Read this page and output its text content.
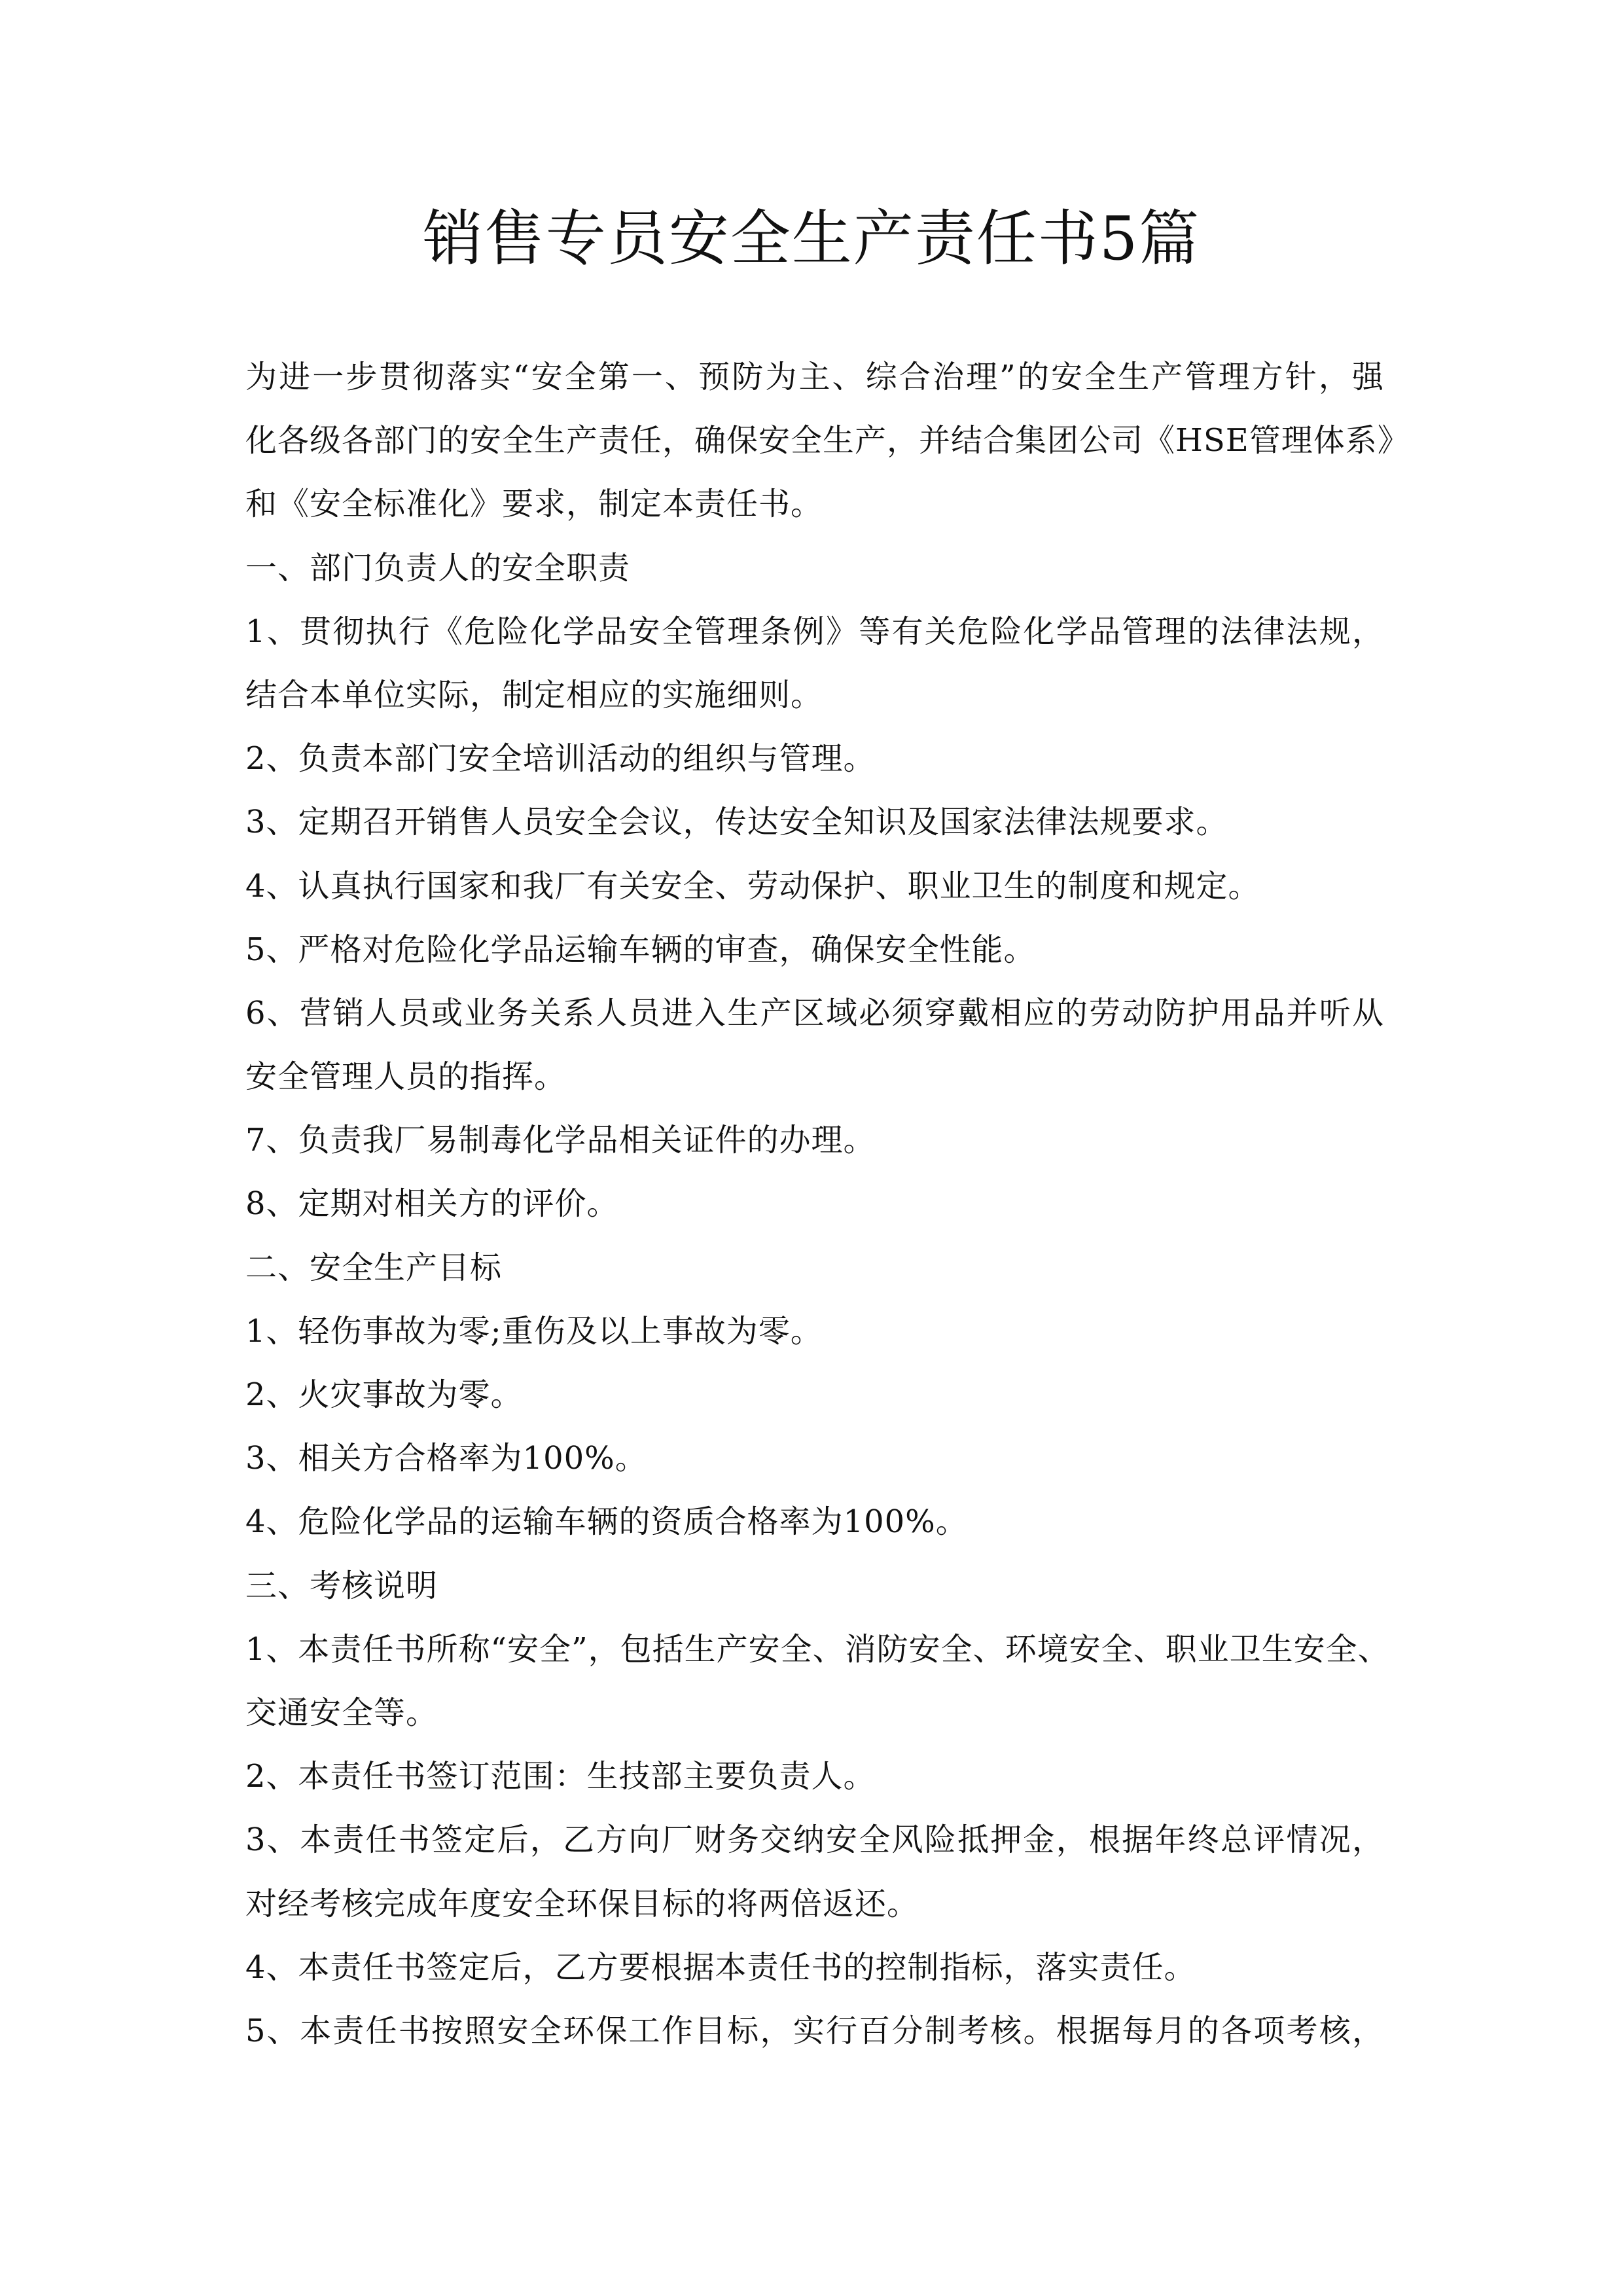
销售专员安全生产责任书5篇
为进一步贯彻落实“安全第一、预防为主、综合治理”的安全生产管理方针，强
化各级各部门的安全生产责任，确保安全生产，并结合集团公司《HSE管理体系》
和《安全标准化》要求，制定本责任书。
一、部门负责人的安全职责
1、贯彻执行《危险化学品安全管理条例》等有关危险化学品管理的法律法规，
结合本单位实际，制定相应的实施细则。
2、负责本部门安全培训活动的组织与管理。
3、定期召开销售人员安全会议，传达安全知识及国家法律法规要求。
4、认真执行国家和我厂有关安全、劳动保护、职业卫生的制度和规定。
5、严格对危险化学品运输车辆的审查，确保安全性能。
6、营销人员或业务关系人员进入生产区域必须穿戴相应的劳动防护用品并听从
安全管理人员的指挥。
7、负责我厂易制毒化学品相关证件的办理。
8、定期对相关方的评价。
二、安全生产目标
1、轻伤事故为零;重伤及以上事故为零。
2、火灾事故为零。
3、相关方合格率为100%。
4、危险化学品的运输车辆的资质合格率为100%。
三、考核说明
1、本责任书所称“安全”，包括生产安全、消防安全、环境安全、职业卫生安全、
交通安全等。
2、本责任书签订范围：生技部主要负责人。
3、本责任书签定后，乙方向厂财务交纳安全风险抵押金，根据年终总评情况，
对经考核完成年度安全环保目标的将两倍返还。
4、本责任书签定后，乙方要根据本责任书的控制指标，落实责任。
5、本责任书按照安全环保工作目标，实行百分制考核。根据每月的各项考核，
